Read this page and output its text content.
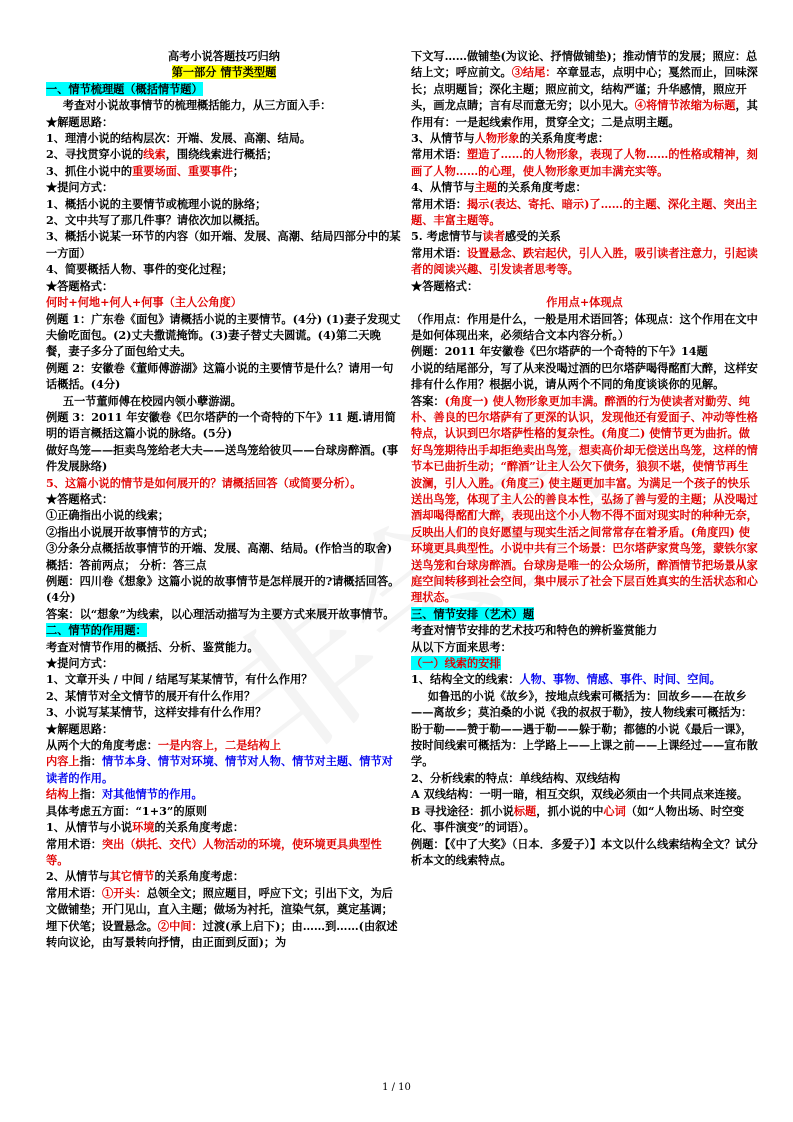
高考小说答题技巧归纳

第一部分 情节类型题

一、情节梳理题（概括情节题）

考查对小说故事情节的梳理概括能力，从三方面入手：

★解题思路：

1、理清小说的结构层次：开端、发展、高潮、结局。

2、寻找贯穿小说的线索，围绕线索进行概括；

3、抓住小说中的重要场面、重要事件；

★提问方式：

1、概括小说的主要情节或梳理小说的脉络；

2、文中共写了那几件事？请依次加以概括。

3、概括小说某一环节的内容（如开端、发展、高潮、结局四部分中的某一方面）

4、简要概括人物、事件的变化过程；

★答题格式：

何时+何地+何人+何事（主人公角度）

例题 1：广东卷《面包》请概括小说的主要情节。(4分) (1)妻子发现丈夫偷吃面包。(2)丈夫撒谎掩饰。(3)妻子替丈夫圆谎。(4)第二天晚餐，妻子多分了面包给丈夫。

例题 2：安徽卷《董师傅游湖》这篇小说的主要情节是什么？请用一句话概括。(4分)

五一节董师傅在校园内领小孽游湖。

例题 3：2011 年安徽卷《巴尔塔萨的一个奇特的下午》11 题.请用简明的语言概括这篇小说的脉络。(5分)

做好鸟笼——拒卖鸟笼给老大夫——送鸟笼给彼贝——台球房醉酒。(事件发展脉络)

5、这篇小说的情节是如何展开的？请概括回答（或简要分析）。

★答题格式：

①正确指出小说的线索；

②指出小说展开故事情节的方式；

③分条分点概括故事情节的开端、发展、高潮、结局。(作恰当的取舍)

概括：答前两点； 分析：答三点

例题：四川卷《想象》这篇小说的故事情节是怎样展开的?请概括回答。(4分)

答案：以“想象”为线索，以心理活动描写为主要方式来展开故事情节。

二、情节的作用题：

考查对情节作用的概括、分析、鉴赏能力。

★提问方式：

1、文章开头 / 中间 / 结尾写某某情节，有什么作用？

2、某情节对全文情节的展开有什么作用？

3、小说写某某情节，这样安排有什么作用？

★解题思路：

从两个大的角度考虑：一是内容上，二是结构上

内容上指：情节本身、情节对环境、情节对人物、情节对主题、情节对读者的作用。

结构上指：对其他情节的作用。

具体考虑五方面：“1+3”的原则

1、从情节与小说环境的关系角度考虑：

常用术语：突出（烘托、交代）人物活动的环境，使环境更具典型性等。

2、从情节与其它情节的关系角度考虑：

常用术语：①开头：总领全文；照应题目，呼应下文；引出下文，为后文做铺垫；开门见山，直入主题；做场为衬托，渲染气氛，奠定基调；埋下伏笔；设置悬念。②中间：过渡(承上启下)；由……到……(由叙述转向议论，由写景转向抒情，由正面到反面)；为

下文写……做铺垫(为议论、抒情做铺垫)；推动情节的发展；照应：总结上文；呼应前文。③结尾：卒章显志，点明中心；戛然而止，回味深长；点明题旨；深化主题；照应前文，结构严谨；升华感情，照应开头，画龙点睛；言有尽而意无穷；以小见大。④将情节浓缩为标题，其作用有：一是起线索作用，贯穿全文；二是点明主题。

3、从情节与人物形象的关系角度考虑：

常用术语：塑造了……的人物形象，表现了人物……的性格或精神，刻画了人物……的心理，使人物形象更加丰满充实等。

4、从情节与主题的关系角度考虑：

常用术语：揭示(表达、寄托、暗示)了……的主题、深化主题、突出主题、丰富主题等。

5. 考虑情节与读者感受的关系

常用术语：设置悬念、跌宕起伏，引人入胜，吸引读者注意力，引起读者的阅读兴趣、引发读者思考等。

★答题格式：

作用点+体现点

（作用点：作用是什么，一般是用术语回答；体现点：这个作用在文中是如何体现出来，必须结合文本内容分析。）

例题：2011 年安徽卷《巴尔塔萨的一个奇特的下午》14题

小说的结尾部分，写了从来没喝过酒的巴尔塔萨喝得酩酊大醉，这样安排有什么作用？根据小说，请从两个不同的角度谈谈你的见解。

答案：(角度一) 使人物形象更加丰满。醉酒的行为使读者对勤劳、纯朴、善良的巴尔塔萨有了更深的认识，发现他还有爱面子、冲动等性格特点，认识到巴尔塔萨性格的复杂性。(角度二) 使情节更为曲折。做好鸟笼期待出手却拒绝卖出鸟笼，想卖高价却无偿送出鸟笼，这样的情节本已曲折生动；“醉酒”让主人公欠下债务，狼狈不堪，使情节再生波澜，引人入胜。(角度三) 使主题更加丰富。为满足一个孩子的快乐送出鸟笼，体现了主人公的善良本性，弘扬了善与爱的主题；从没喝过酒却喝得酩酊大醉，表现出这个小人物不得不面对现实时的种种无奈，反映出人们的良好愿望与现实生活之间常常存在着矛盾。(角度四) 使环境更具典型性。小说中共有三个场景：巴尔塔萨家赏鸟笼，蒙铁尔家送鸟笼和台球房醉酒。台球房是唯一的公众场所，醉酒情节把场景从家庭空间转移到社会空间，集中展示了社会下层百姓真实的生活状态和心理状态。

三、情节安排（艺术）题

考查对情节安排的艺术技巧和特色的辨析鉴赏能力

从以下方面来思考：

（一）线索的安排

1、结构全文的线索：人物、事物、情感、事件、时间、空间。

如鲁迅的小说《故乡》，按地点线索可概括为：回故乡——在故乡——离故乡；莫泊桑的小说《我的叔叔于勒》，按人物线索可概括为：盼于勒——赞于勒——遇于勒——躲于勒；都德的小说《最后一课》，按时间线索可概括为：上学路上——上课之前——上课经过——宣布散学。

2、分析线索的特点：单线结构、双线结构

A 双线结构：一明一暗，相互交织，双线必须由一个共同点来连接。

B 寻找途径：抓小说标题，抓小说的中心词（如“人物出场、时空变化、事件演变”的词语）。

例题：【《中了大奖》（日本．多爱子）】本文以什么线索结构全文？试分析本文的线索特点。

1 / 10
